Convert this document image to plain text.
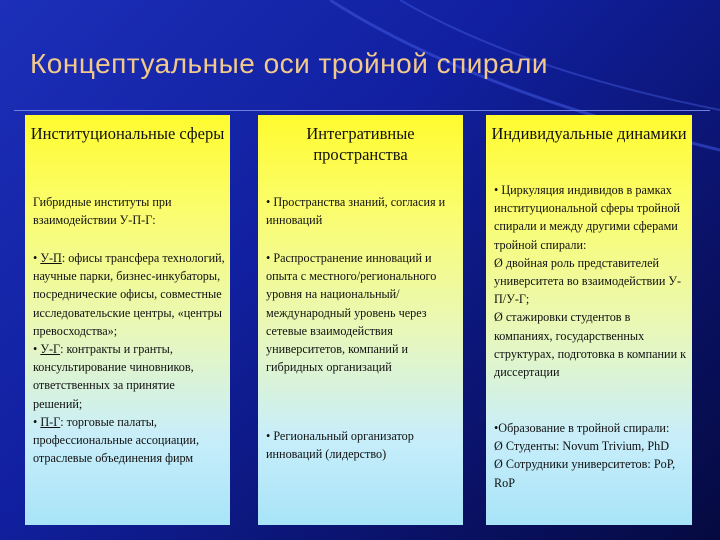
Концептуальные оси тройной спирали
Институциональные сферы
Гибридные институты при взаимодействии У-П-Г:
• У-П: офисы трансфера технологий, научные парки, бизнес-инкубаторы, посреднические офисы, совместные исследовательские центры, «центры превосходства»;
• У-Г: контракты и гранты, консультирование чиновников, ответственных за принятие решений;
• П-Г: торговые палаты, профессиональные ассоциации, отраслевые объединения фирм
Интегративные пространства
• Пространства знаний, согласия и инноваций
• Распространение инноваций и опыта с местного/регионального уровня на национальный/международный уровень через сетевые взаимодействия университетов, компаний и гибридных организаций
• Региональный организатор инноваций (лидерство)
Индивидуальные динамики
• Циркуляция индивидов в рамках институциональной сферы тройной спирали и между другими сферами тройной спирали:
Ø двойная роль представителей университета во взаимодействии У-П/У-Г;
Ø стажировки студентов в компаниях, государственных структурах, подготовка в компании к диссертации
•Образование в тройной спирали:
Ø Студенты: Novum Trivium, PhD
Ø Сотрудники университетов: PoP, RoP
